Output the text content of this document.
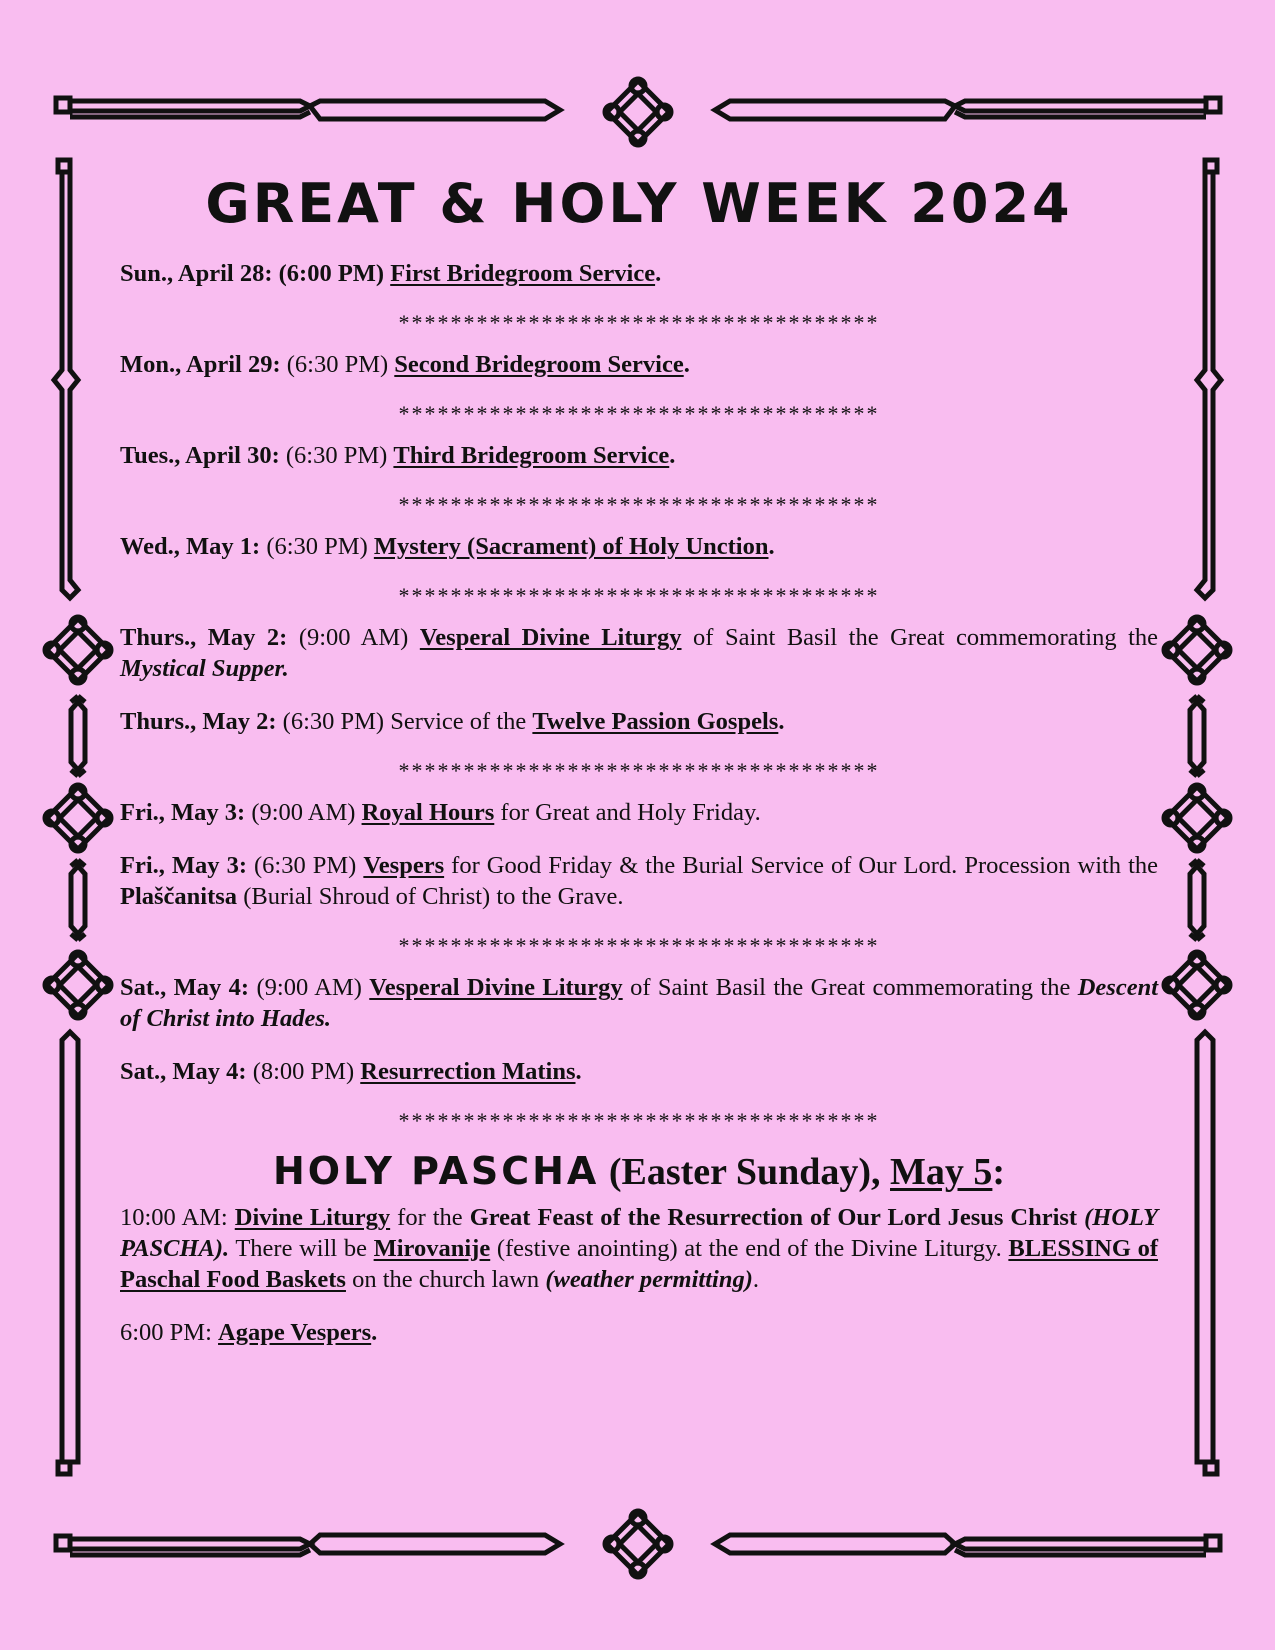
GREAT & HOLY WEEK 2024

Sun., April 28: (6:00 PM) First Bridegroom Service.

*************************************

Mon., April 29: (6:30 PM) Second Bridegroom Service.

*************************************

Tues., April 30: (6:30 PM) Third Bridegroom Service.

*************************************

Wed., May 1: (6:30 PM) Mystery (Sacrament) of Holy Unction.

*************************************

Thurs., May 2: (9:00 AM) Vesperal Divine Liturgy of Saint Basil the Great commemorating the Mystical Supper.

Thurs., May 2: (6:30 PM) Service of the Twelve Passion Gospels.

*************************************

Fri., May 3: (9:00 AM) Royal Hours for Great and Holy Friday.

Fri., May 3: (6:30 PM) Vespers for Good Friday & the Burial Service of Our Lord. Procession with the Plaščanitsa (Burial Shroud of Christ) to the Grave.

*************************************

Sat., May 4: (9:00 AM) Vesperal Divine Liturgy of Saint Basil the Great commemorating the Descent of Christ into Hades.

Sat., May 4: (8:00 PM) Resurrection Matins.

*************************************
HOLY PASCHA (Easter Sunday), May 5:

10:00 AM: Divine Liturgy for the Great Feast of the Resurrection of Our Lord Jesus Christ (HOLY PASCHA). There will be Mirovanije (festive anointing) at the end of the Divine Liturgy. BLESSING of Paschal Food Baskets on the church lawn (weather permitting).

6:00 PM: Agape Vespers.
